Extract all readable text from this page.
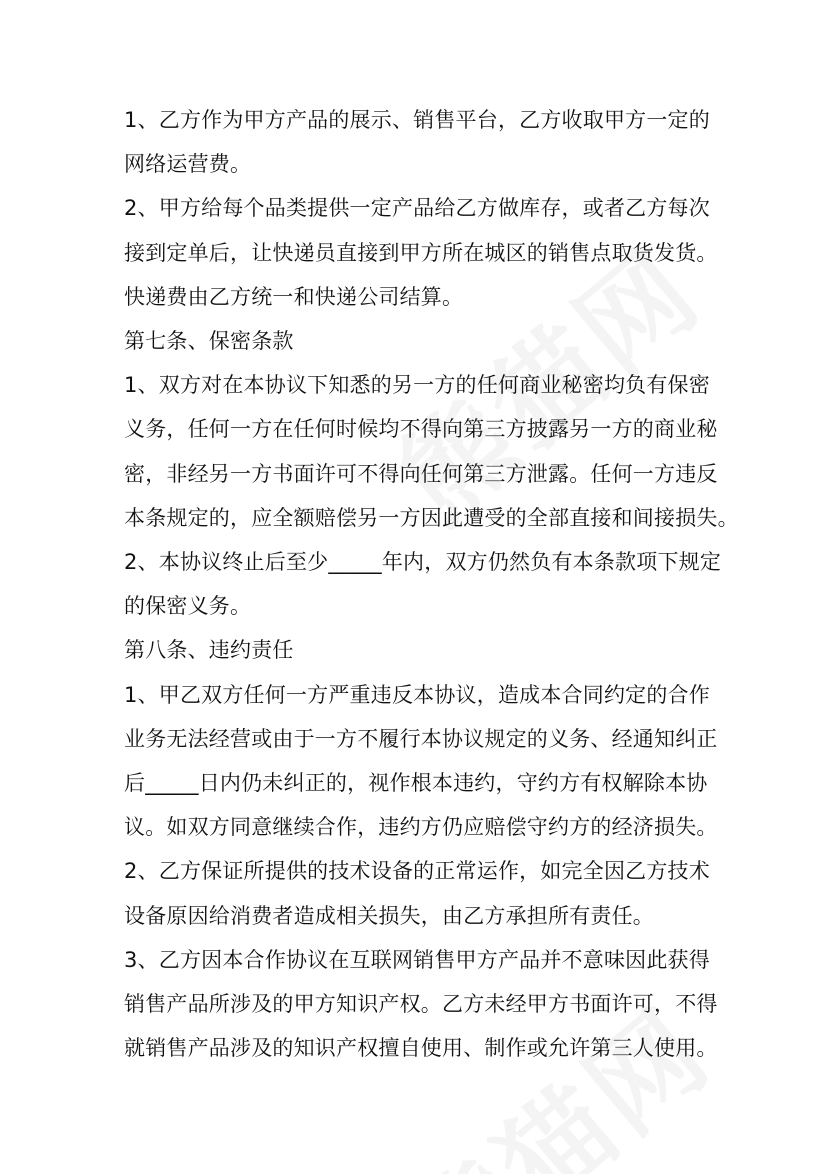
1、乙方作为甲方产品的展示、销售平台，乙方收取甲方一定的
网络运营费。
2、甲方给每个品类提供一定产品给乙方做库存，或者乙方每次
接到定单后，让快递员直接到甲方所在城区的销售点取货发货。
快递费由乙方统一和快递公司结算。
第七条、保密条款
1、双方对在本协议下知悉的另一方的任何商业秘密均负有保密
义务，任何一方在任何时候均不得向第三方披露另一方的商业秘
密，非经另一方书面许可不得向任何第三方泄露。任何一方违反
本条规定的，应全额赔偿另一方因此遭受的全部直接和间接损失。
2、本协议终止后至少_____年内，双方仍然负有本条款项下规定
的保密义务。
第八条、违约责任
1、甲乙双方任何一方严重违反本协议，造成本合同约定的合作
业务无法经营或由于一方不履行本协议规定的义务、经通知纠正
后_____日内仍未纠正的，视作根本违约，守约方有权解除本协
议。如双方同意继续合作，违约方仍应赔偿守约方的经济损失。
2、乙方保证所提供的技术设备的正常运作，如完全因乙方技术
设备原因给消费者造成相关损失，由乙方承担所有责任。
3、乙方因本合作协议在互联网销售甲方产品并不意味因此获得
销售产品所涉及的甲方知识产权。乙方未经甲方书面许可，不得
就销售产品涉及的知识产权擅自使用、制作或允许第三人使用。
